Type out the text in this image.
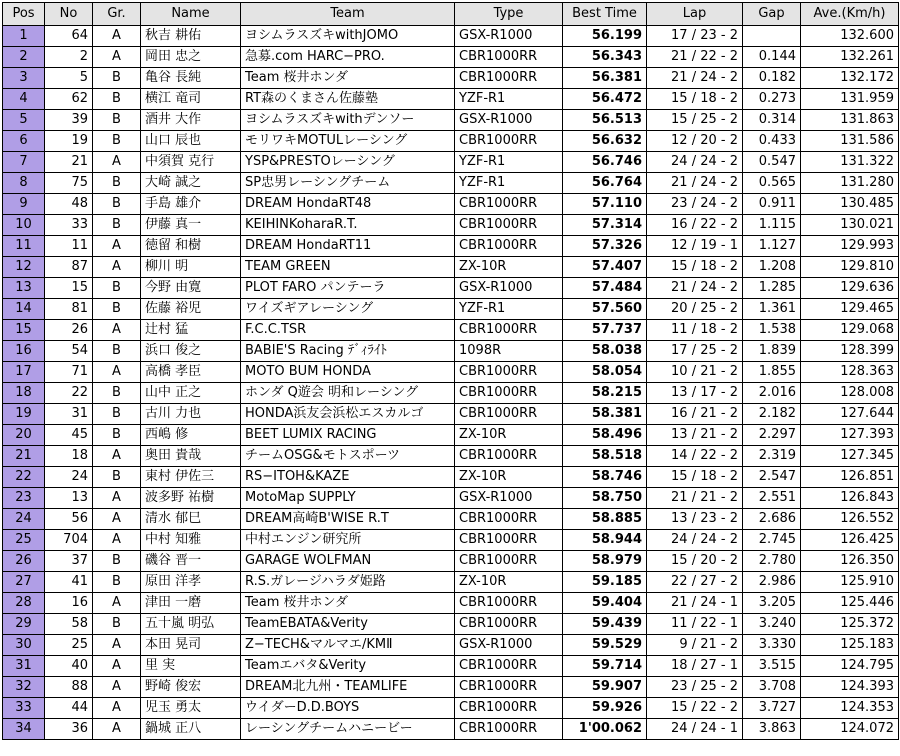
Pos	No	Gr.	Name	Team	Type	Best Time	Lap	Gap	Ave.(Km/h)
1	64	A	秋吉 耕佑	ヨシムラスズキwithJOMO	GSX-R1000	56.199	17 / 23 - 2		132.600
2	2	A	岡田 忠之	急募.com HARC−PRO.	CBR1000RR	56.343	21 / 22 - 2	0.144	132.261
3	5	B	亀谷 長純	Team 桜井ホンダ	CBR1000RR	56.381	21 / 24 - 2	0.182	132.172
4	62	B	横江 竜司	RT森のくまさん佐藤塾	YZF-R1	56.472	15 / 18 - 2	0.273	131.959
5	39	B	酒井 大作	ヨシムラスズキwithデンソー	GSX-R1000	56.513	15 / 25 - 2	0.314	131.863
6	19	B	山口 辰也	モリワキMOTULレーシング	CBR1000RR	56.632	12 / 20 - 2	0.433	131.586
7	21	A	中須賀 克行	YSP&PRESTOレーシング	YZF-R1	56.746	24 / 24 - 2	0.547	131.322
8	75	B	大崎 誠之	SP忠男レーシングチーム	YZF-R1	56.764	21 / 24 - 2	0.565	131.280
9	48	B	手島 雄介	DREAM HondaRT48	CBR1000RR	57.110	23 / 24 - 2	0.911	130.485
10	33	B	伊藤 真一	KEIHINKoharaR.T.	CBR1000RR	57.314	16 / 22 - 2	1.115	130.021
11	11	A	徳留 和樹	DREAM HondaRT11	CBR1000RR	57.326	12 / 19 - 1	1.127	129.993
12	87	A	柳川 明	TEAM GREEN	ZX-10R	57.407	15 / 18 - 2	1.208	129.810
13	15	B	今野 由寛	PLOT FARO パンテーラ	GSX-R1000	57.484	21 / 24 - 2	1.285	129.636
14	81	B	佐藤 裕児	ワイズギアレーシング	YZF-R1	57.560	20 / 25 - 2	1.361	129.465
15	26	A	辻村 猛	F.C.C.TSR	CBR1000RR	57.737	11 / 18 - 2	1.538	129.068
16	54	B	浜口 俊之	BABIE'S Racing ﾃﾞｨﾗｲﾄ	1098R	58.038	17 / 25 - 2	1.839	128.399
17	71	A	高橋 孝臣	MOTO BUM HONDA	CBR1000RR	58.054	10 / 21 - 2	1.855	128.363
18	22	B	山中 正之	ホンダ Q遊会 明和レーシング	CBR1000RR	58.215	13 / 17 - 2	2.016	128.008
19	31	B	古川 力也	HONDA浜友会浜松エスカルゴ	CBR1000RR	58.381	16 / 21 - 2	2.182	127.644
20	45	B	西嶋 修	BEET LUMIX RACING	ZX-10R	58.496	13 / 21 - 2	2.297	127.393
21	18	A	奥田 貴哉	チームOSG&モトスポーツ	CBR1000RR	58.518	14 / 22 - 2	2.319	127.345
22	24	B	東村 伊佐三	RS−ITOH&KAZE	ZX-10R	58.746	15 / 18 - 2	2.547	126.851
23	13	A	波多野 祐樹	MotoMap SUPPLY	GSX-R1000	58.750	21 / 21 - 2	2.551	126.843
24	56	A	清水 郁巳	DREAM高崎B'WISE R.T	CBR1000RR	58.885	13 / 23 - 2	2.686	126.552
25	704	A	中村 知雅	中村エンジン研究所	CBR1000RR	58.944	24 / 24 - 2	2.745	126.425
26	37	B	磯谷 晋一	GARAGE WOLFMAN	CBR1000RR	58.979	15 / 20 - 2	2.780	126.350
27	41	B	原田 洋孝	R.S.ガレージハラダ姫路	ZX-10R	59.185	22 / 27 - 2	2.986	125.910
28	16	A	津田 一磨	Team 桜井ホンダ	CBR1000RR	59.404	21 / 24 - 1	3.205	125.446
29	58	B	五十嵐 明弘	TeamEBATA&Verity	CBR1000RR	59.439	11 / 22 - 1	3.240	125.372
30	25	A	本田 晃司	Z−TECH&マルマエ/KMⅡ	GSX-R1000	59.529	9 / 21 - 2	3.330	125.183
31	40	A	里 実	Teamエバタ&Verity	CBR1000RR	59.714	18 / 27 - 1	3.515	124.795
32	88	A	野崎 俊宏	DREAM北九州・TEAMLIFE	CBR1000RR	59.907	23 / 25 - 2	3.708	124.393
33	44	A	児玉 勇太	ウイダーD.D.BOYS	CBR1000RR	59.926	15 / 22 - 2	3.727	124.353
34	36	A	鍋城 正八	レーシングチームハニービー	CBR1000RR	1'00.062	24 / 24 - 1	3.863	124.072
